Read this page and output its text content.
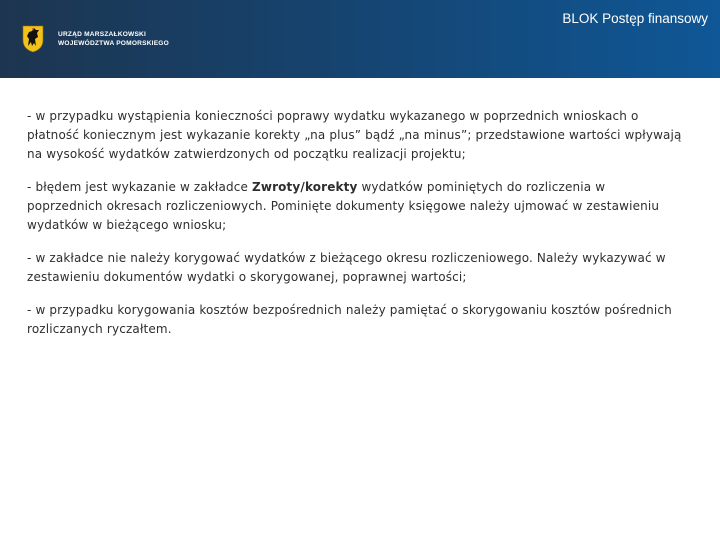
URZĄD MARSZAŁKOWSKI
WOJEWÓDZTWA POMORSKIEGO
BLOK Postęp finansowy

- w przypadku wystąpienia konieczności poprawy wydatku wykazanego w poprzednich wnioskach o płatność koniecznym jest wykazanie korekty „na plus” bądź „na minus”; przedstawione wartości wpływają na wysokość wydatków zatwierdzonych od początku realizacji projektu;

- błędem jest wykazanie w zakładce Zwroty/korekty wydatków pominiętych do rozliczenia w poprzednich okresach rozliczeniowych. Pominięte dokumenty księgowe należy ujmować w zestawieniu wydatków w bieżącego wniosku;

- w zakładce nie należy korygować wydatków z bieżącego okresu rozliczeniowego. Należy wykazywać w zestawieniu dokumentów wydatki o skorygowanej, poprawnej wartości;

- w przypadku korygowania kosztów bezpośrednich należy pamiętać o skorygowaniu kosztów pośrednich rozliczanych ryczałtem.
